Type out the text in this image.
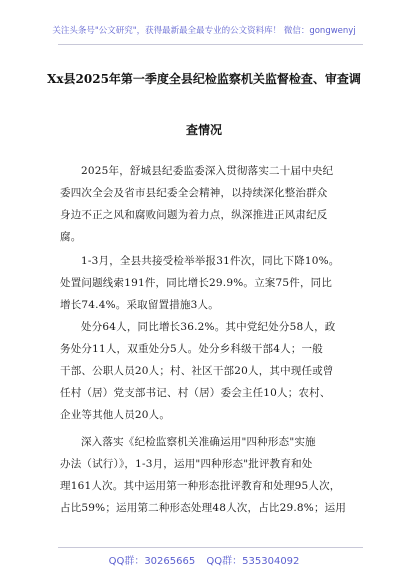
关注头条号"公文研究"，获得最新最全最专业的公文资料库！ 微信：gongwenyj
Xx县2025年第一季度全县纪检监察机关监督检查、审查调
查情况
2025年，舒城县纪委监委深入贯彻落实二十届中央纪
委四次全会及省市县纪委全会精神，以持续深化整治群众
身边不正之风和腐败问题为着力点，纵深推进正风肃纪反
腐。
1-3月，全县共接受检举举报31件次，同比下降10%。
处置问题线索191件，同比增长29.9%。立案75件，同比
增长74.4%。采取留置措施3人。
处分64人，同比增长36.2%。其中党纪处分58人，政
务处分11人，双重处分5人。处分乡科级干部4人；一般
干部、公职人员20人；村、社区干部20人，其中现任或曾
任村（居）党支部书记、村（居）委会主任10人；农村、
企业等其他人员20人。
深入落实《纪检监察机关准确运用"四种形态"实施
办法（试行）》，1-3月，运用"四种形态"批评教育和处
理161人次。其中运用第一种形态批评教育和处理95人次，
占比59%；运用第二种形态处理48人次，占比29.8%；运用
QQ群：30265665 QQ群：535304092
